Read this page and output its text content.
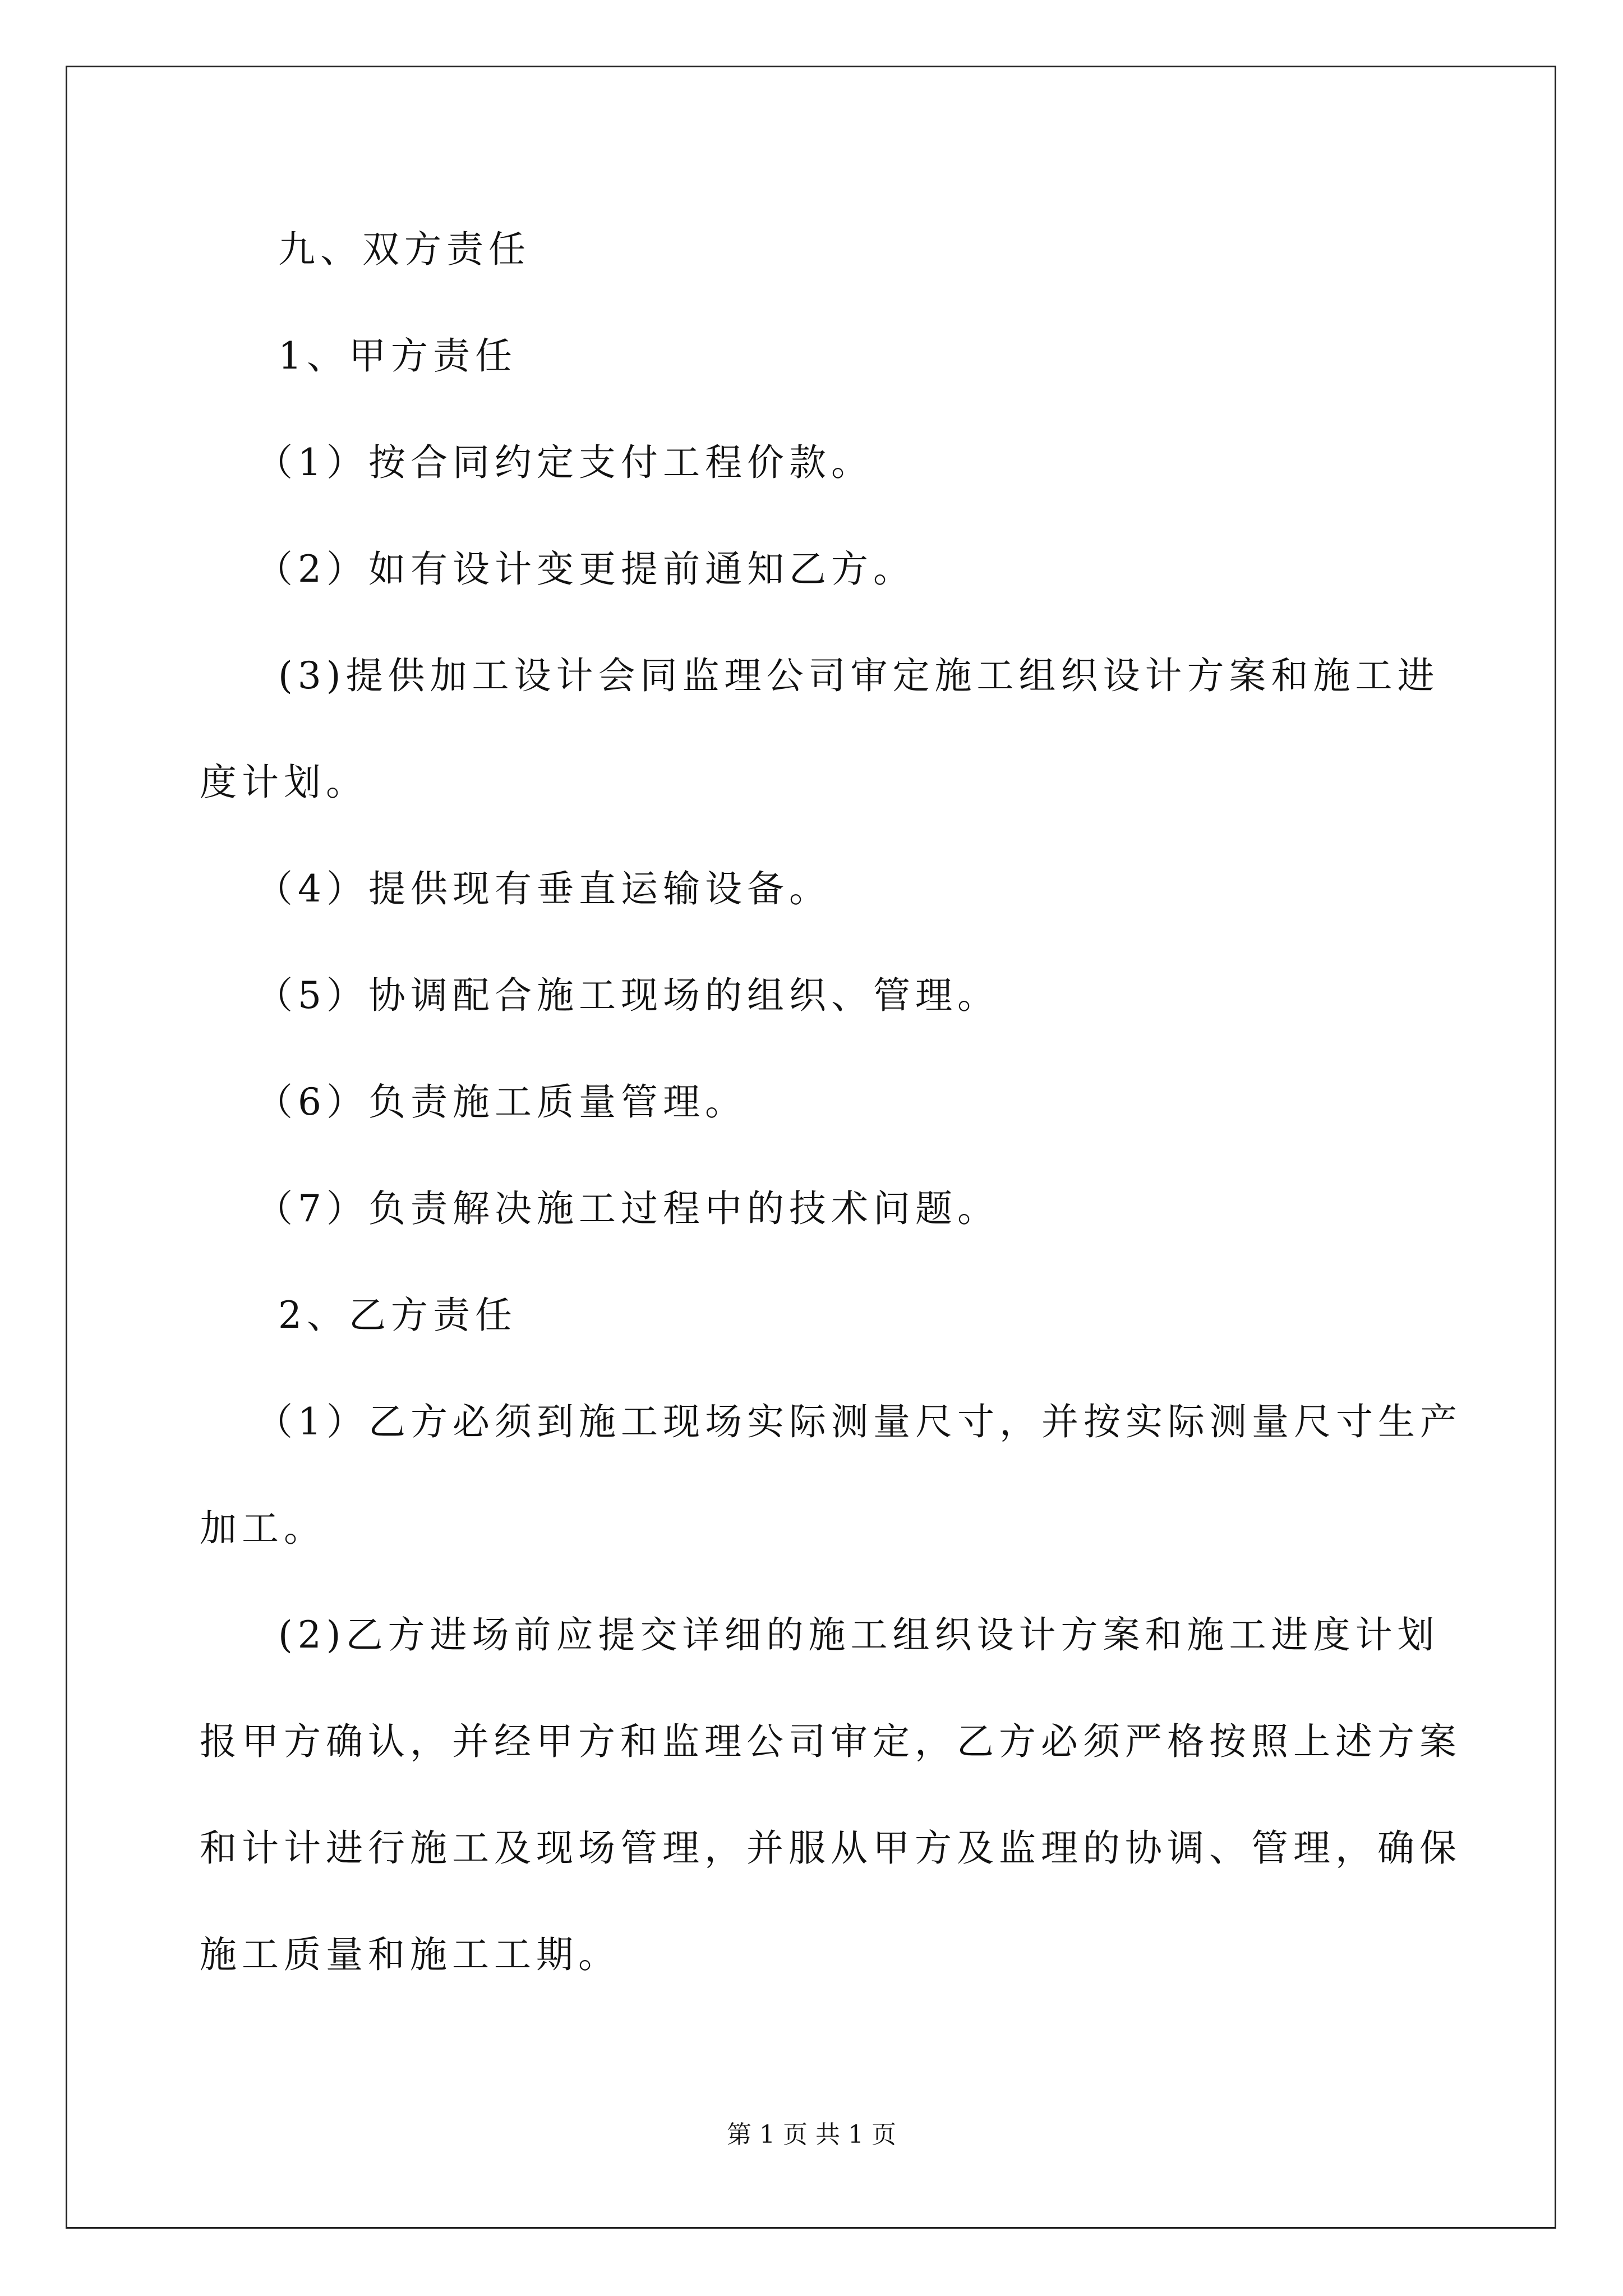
九、双方责任
1、甲方责任
（1）按合同约定支付工程价款。
（2）如有设计变更提前通知乙方。
(3)提供加工设计会同监理公司审定施工组织设计方案和施工进
度计划。
（4）提供现有垂直运输设备。
（5）协调配合施工现场的组织、管理。
（6）负责施工质量管理。
（7）负责解决施工过程中的技术问题。
2、乙方责任
（1）乙方必须到施工现场实际测量尺寸，并按实际测量尺寸生产
加工。
(2)乙方进场前应提交详细的施工组织设计方案和施工进度计划
报甲方确认，并经甲方和监理公司审定，乙方必须严格按照上述方案
和计计进行施工及现场管理，并服从甲方及监理的协调、管理，确保
施工质量和施工工期。
第 1 页 共 1 页
